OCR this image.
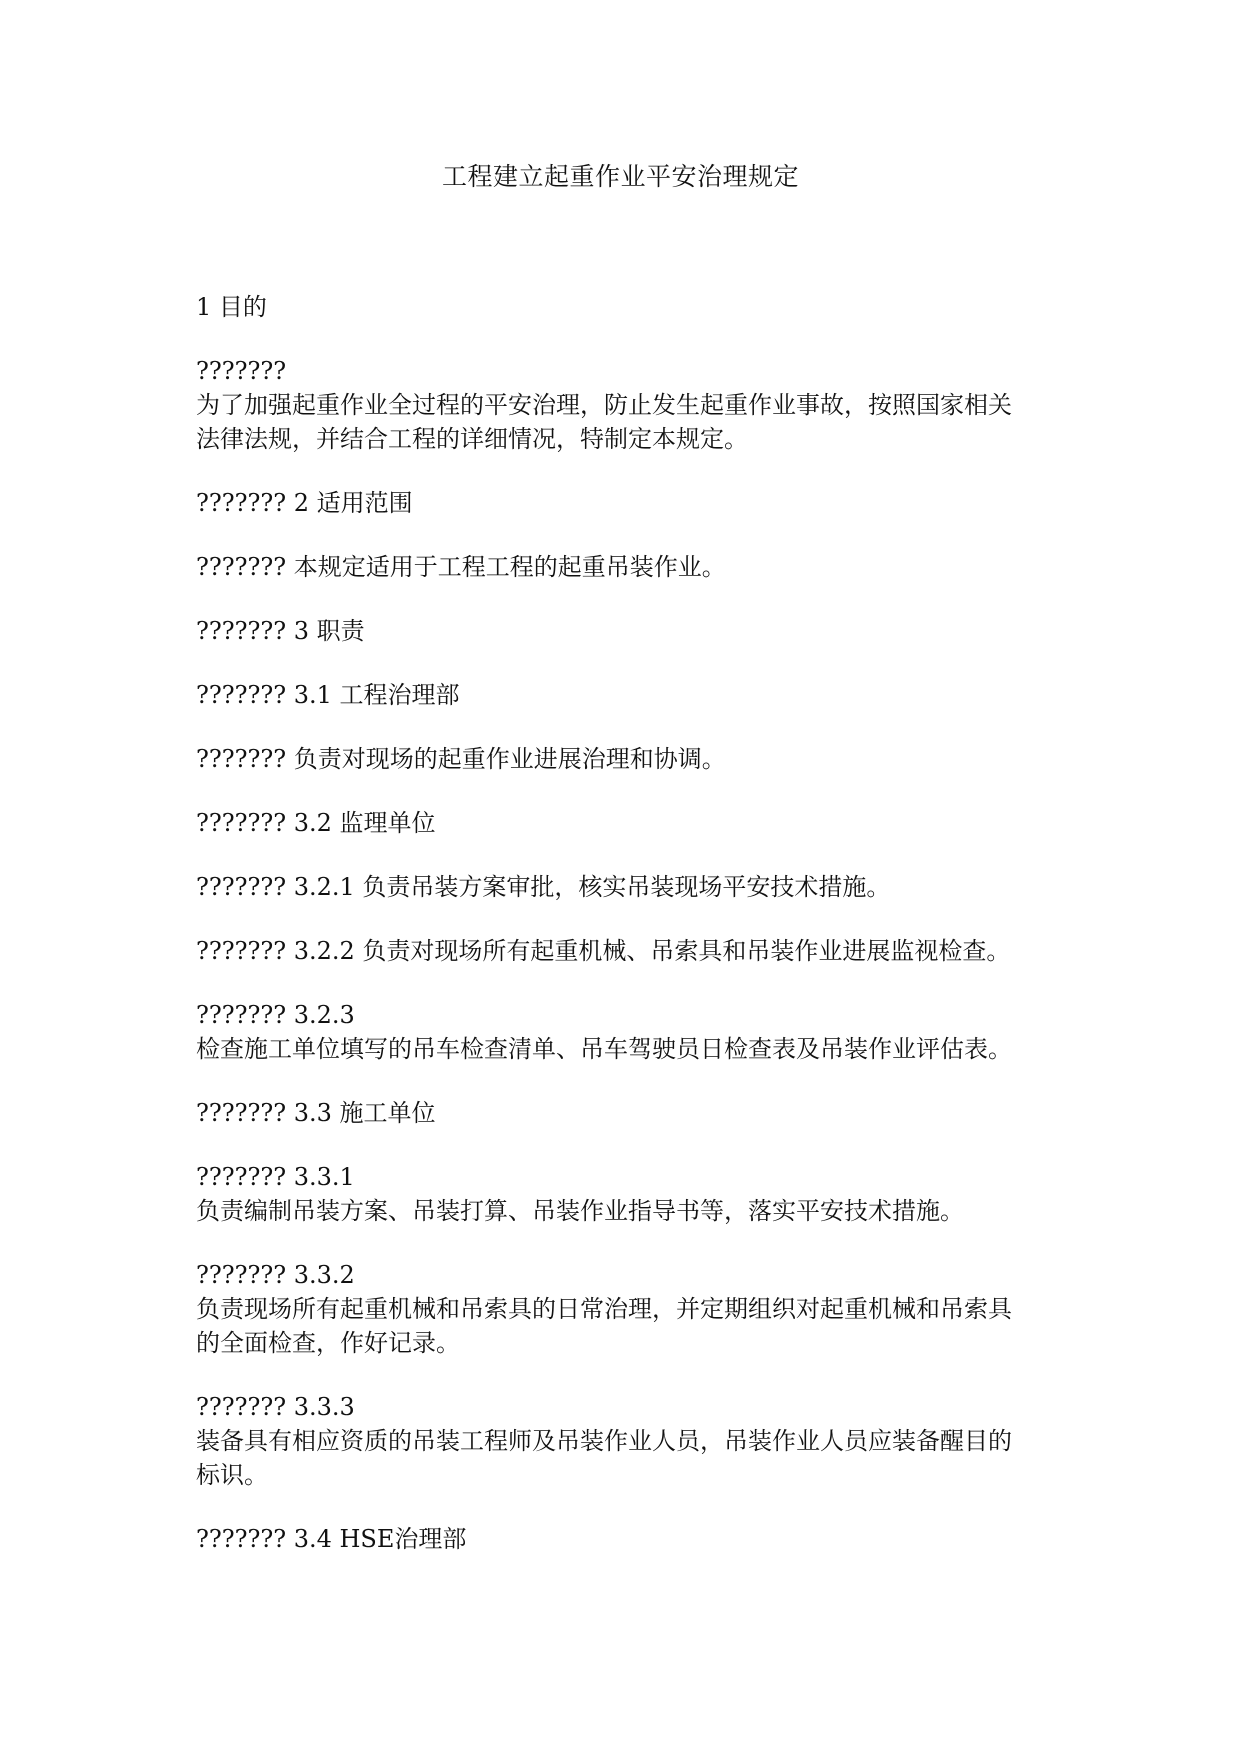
工程建立起重作业平安治理规定

1 目的

???????
为了加强起重作业全过程的平安治理，防止发生起重作业事故，按照国家相关
法律法规，并结合工程的详细情况，特制定本规定。

??????? 2 适用范围

??????? 本规定适用于工程工程的起重吊装作业。

??????? 3 职责

??????? 3.1 工程治理部

??????? 负责对现场的起重作业进展治理和协调。

??????? 3.2 监理单位

??????? 3.2.1 负责吊装方案审批，核实吊装现场平安技术措施。

??????? 3.2.2 负责对现场所有起重机械、吊索具和吊装作业进展监视检查。

??????? 3.2.3
检查施工单位填写的吊车检查清单、吊车驾驶员日检查表及吊装作业评估表。

??????? 3.3 施工单位

??????? 3.3.1
负责编制吊装方案、吊装打算、吊装作业指导书等，落实平安技术措施。

??????? 3.3.2
负责现场所有起重机械和吊索具的日常治理，并定期组织对起重机械和吊索具
的全面检查，作好记录。

??????? 3.3.3
装备具有相应资质的吊装工程师及吊装作业人员，吊装作业人员应装备醒目的
标识。

??????? 3.4 HSE治理部
